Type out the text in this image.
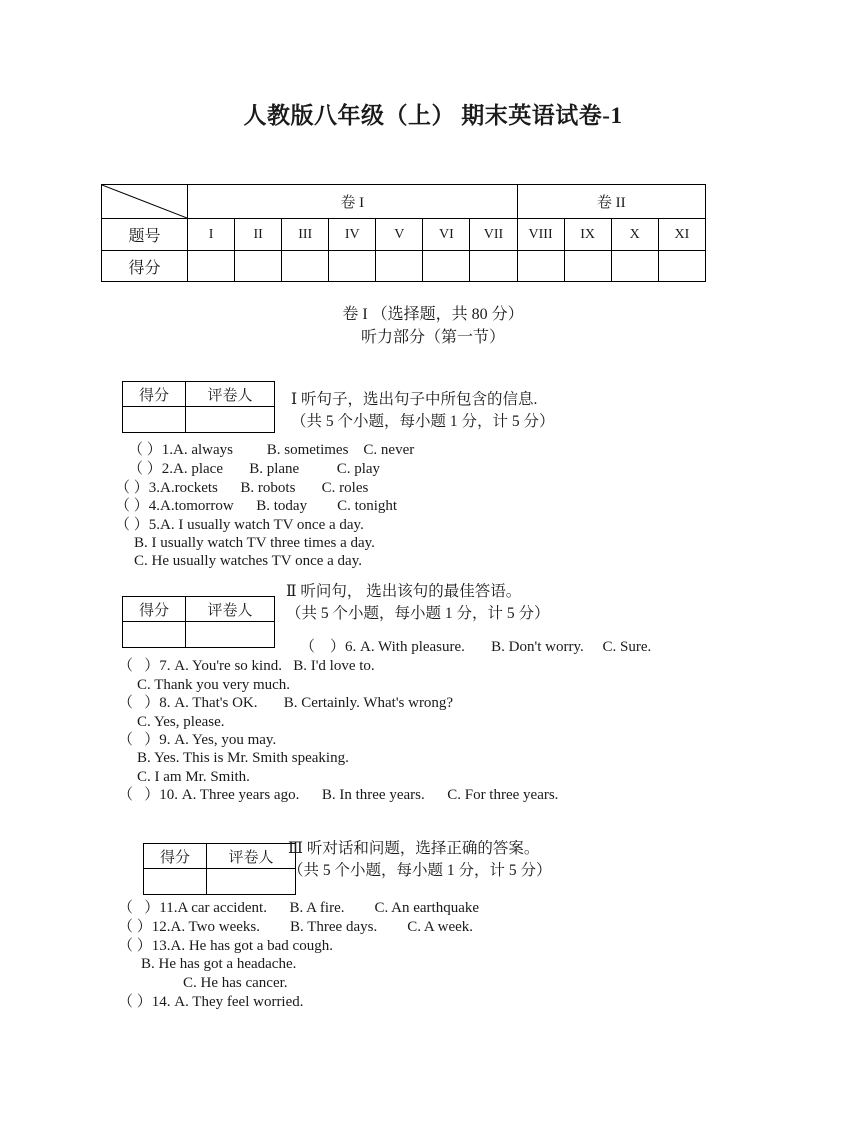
人教版八年级（上） 期末英语试卷-1
	卷 I							卷 II			
题号	I	II	III	IV	V	VI	VII	VIII	IX	X	XI
得分											
卷 I （选择题，共 80 分）
听力部分（第一节）
得分	评卷人
	Ⅰ 听句子，选出句子中所包含的信息.
（共 5 个小题，每小题 1 分，计 5 分）
（ ）1.A. always         B. sometimes    C. never
（ ）2.A. place       B. plane          C. play
（ ）3.A.rockets      B. robots       C. roles
（ ）4.A.tomorrow      B. today        C. tonight
（ ）5.A. I usually watch TV once a day.
B. I usually watch TV three times a day.
C. He usually watches TV once a day.
得分	评卷人

Ⅱ 听问句， 选出该句的最佳答语。
（共 5 个小题，每小题 1 分，计 5 分）
（    ）6. A. With pleasure.       B. Don't worry.     C. Sure.
（   ）7. A. You're so kind.   B. I'd love to.
C. Thank you very much.
（   ）8. A. That's OK.       B. Certainly. What's wrong?
C. Yes, please.
（   ）9. A. Yes, you may.
B. Yes. This is Mr. Smith speaking.
C. I am Mr. Smith.
（   ）10. A. Three years ago.      B. In three years.      C. For three years.
得分	评卷人

Ⅲ 听对话和问题，选择正确的答案。
（共 5 个小题，每小题 1 分，计 5 分）
（   ）11.A car accident.      B. A fire.        C. An earthquake
（ ）12.A. Two weeks.        B. Three days.        C. A week.
（ ）13.A. He has got a bad cough.
B. He has got a headache.
C. He has cancer.
（ ）14. A. They feel worried.
